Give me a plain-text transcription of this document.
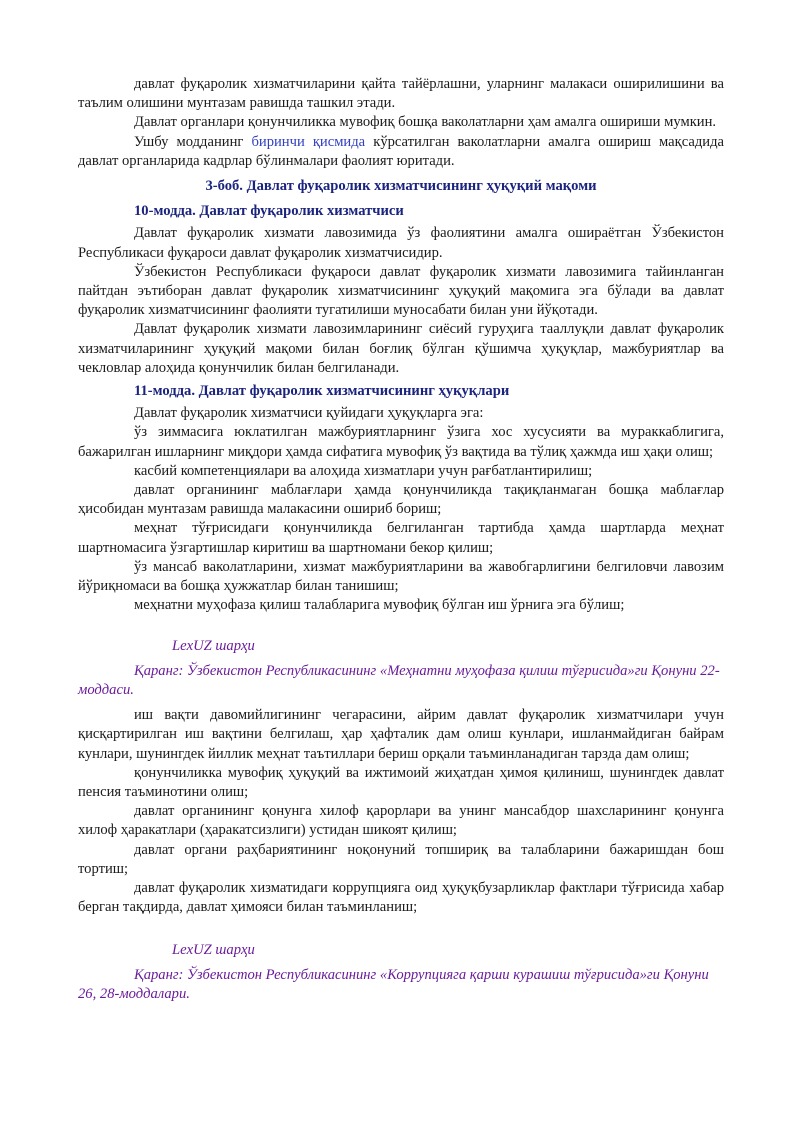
давлат фуқаролик хизматчиларини қайта тайёрлашни, уларнинг малакаси оширилишини ва таълим олишини мунтазам равишда ташкил этади.

Давлат органлари қонунчиликка мувофиқ бошқа ваколатларни ҳам амалга ошириши мумкин.

Ушбу модданинг биринчи қисмида кўрсатилган ваколатларни амалга ошириш мақсадида давлат органларида кадрлар бўлинмалари фаолият юритади.

3-боб. Давлат фуқаролик хизматчисининг ҳуқуқий мақоми

10-модда. Давлат фуқаролик хизматчиси

Давлат фуқаролик хизмати лавозимида ўз фаолиятини амалга ошираётган Ўзбекистон Республикаси фуқароси давлат фуқаролик хизматчисидир.

Ўзбекистон Республикаси фуқароси давлат фуқаролик хизмати лавозимига тайинланган пайтдан эътиборан давлат фуқаролик хизматчисининг ҳуқуқий мақомига эга бўлади ва давлат фуқаролик хизматчисининг фаолияти тугатилиши муносабати билан уни йўқотади.

Давлат фуқаролик хизмати лавозимларининг сиёсий гуруҳига тааллуқли давлат фуқаролик хизматчиларининг ҳуқуқий мақоми билан боғлиқ бўлган қўшимча ҳуқуқлар, мажбуриятлар ва чекловлар алоҳида қонунчилик билан белгиланади.

11-модда. Давлат фуқаролик хизматчисининг ҳуқуқлари

Давлат фуқаролик хизматчиси қуйидаги ҳуқуқларга эга:

ўз зиммасига юклатилган мажбуриятларнинг ўзига хос хусусияти ва мураккаблигига, бажарилган ишларнинг миқдори ҳамда сифатига мувофиқ ўз вақтида ва тўлиқ ҳажмда иш ҳақи олиш;

касбий компетенциялари ва алоҳида хизматлари учун рағбатлантирилиш;

давлат органининг маблағлари ҳамда қонунчиликда тақиқланмаган бошқа маблағлар ҳисобидан мунтазам равишда малакасини ошириб бориш;

меҳнат тўғрисидаги қонунчиликда белгиланган тартибда ҳамда шартларда меҳнат шартномасига ўзгартишлар киритиш ва шартномани бекор қилиш;

ўз мансаб ваколатларини, хизмат мажбуриятларини ва жавобгарлигини белгиловчи лавозим йўриқномаси ва бошқа ҳужжатлар билан танишиш;

меҳнатни муҳофаза қилиш талабларига мувофиқ бўлган иш ўрнига эга бўлиш;

LexUZ шарҳи

Қаранг: Ўзбекистон Республикасининг «Меҳнатни муҳофаза қилиш тўғрисида»ги Қонуни 22-моддаси.

иш вақти давомийлигининг чегарасини, айрим давлат фуқаролик хизматчилари учун қисқартирилган иш вақтини белгилаш, ҳар ҳафталик дам олиш кунлари, ишланмайдиган байрам кунлари, шунингдек йиллик меҳнат таътиллари бериш орқали таъминланадиган тарзда дам олиш;

қонунчиликка мувофиқ ҳуқуқий ва ижтимоий жиҳатдан ҳимоя қилиниш, шунингдек давлат пенсия таъминотини олиш;

давлат органининг қонунга хилоф қарорлари ва унинг мансабдор шахсларининг қонунга хилоф ҳаракатлари (ҳаракатсизлиги) устидан шикоят қилиш;

давлат органи раҳбариятининг ноқонуний топшириқ ва талабларини бажаришдан бош тортиш;

давлат фуқаролик хизматидаги коррупцияга оид ҳуқуқбузарликлар фактлари тўғрисида хабар берган тақдирда, давлат ҳимояси билан таъминланиш;

LexUZ шарҳи

Қаранг: Ўзбекистон Республикасининг «Коррупцияга қарши курашиш тўғрисида»ги Қонуни 26, 28-моддалари.
